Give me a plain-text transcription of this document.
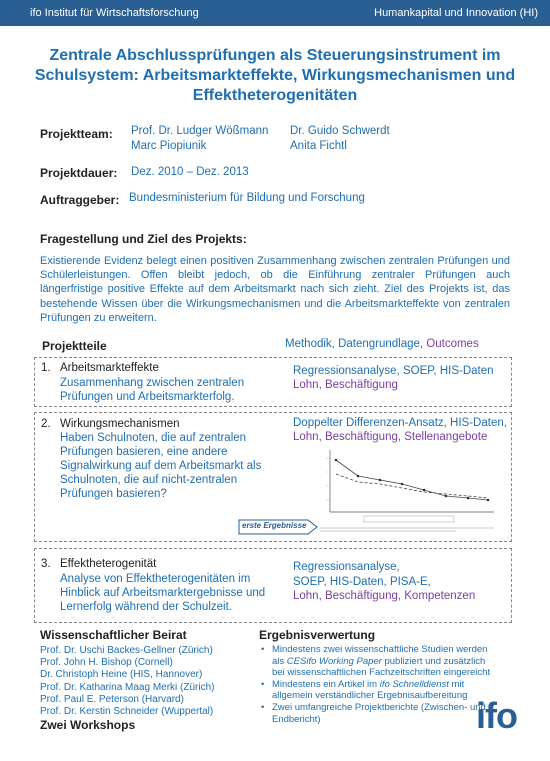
ifo Institut für Wirtschaftsforschung	Humankapital und Innovation (HI)
Zentrale Abschlussprüfungen als Steuerungsinstrument im
Schulsystem: Arbeitsmarkteffekte, Wirkungsmechanismen und
Effektheterogenitäten
Projektteam: Prof. Dr. Ludger Wößmann Dr. Guido Schwerdt
Marc Piopiunik	Anita Fichtl
Projektdauer: Dez. 2010 – Dez. 2013
Auftraggeber: Bundesministerium für Bildung und Forschung
Fragestellung und Ziel des Projekts:
Existierende Evidenz belegt einen positiven Zusammenhang zwischen zentralen Prüfungen und Schülerleistungen. Offen bleibt jedoch, ob die Einführung zentraler Prüfungen auch längerfristige positive Effekte auf dem Arbeitsmarkt nach sich zieht. Ziel des Projekts ist, das bestehende Wissen über die Wirkungsmechanismen und die Arbeitsmarkteffekte von zentralen Prüfungen zu erweitern.
Projektteile	Methodik, Datengrundlage, Outcomes
1. Arbeitsmarkteffekte
Zusammenhang zwischen zentralen
Prüfungen und Arbeitsmarkterfolg.
Regressionsanalyse, SOEP, HIS-Daten
Lohn, Beschäftigung
2. Wirkungsmechanismen
Haben Schulnoten, die auf zentralen
Prüfungen basieren, eine andere
Signalwirkung auf dem Arbeitsmarkt als
Schulnoten, die auf nicht-zentralen
Prüfungen basieren?
Doppelter Differenzen-Ansatz, HIS-Daten,
Lohn, Beschäftigung, Stellenangebote
erste Ergebnisse
3. Effektheterogenität
Analyse von Effektheterogenitäten im
Hinblick auf Arbeitsmarktergebnisse und
Lernerfolg während der Schulzeit.
Regressionsanalyse,
SOEP, HIS-Daten, PISA-E,
Lohn, Beschäftigung, Kompetenzen
Wissenschaftlicher Beirat
Prof. Dr. Uschi Backes-Gellner (Zürich)
Prof. John H. Bishop (Cornell)
Dr. Christoph Heine (HIS, Hannover)
Prof. Dr. Katharina Maag Merki (Zürich)
Prof. Paul E. Peterson (Harvard)
Prof. Dr. Kerstin Schneider (Wuppertal)
Zwei Workshops
Ergebnisverwertung
• Mindestens zwei wissenschaftliche Studien werden als CESifo Working Paper publiziert und zusätzlich bei wissenschaftlichen Fachzeitschriften eingereicht
• Mindestens ein Artikel im ifo Schnelldienst mit allgemein verständlicher Ergebnisaufbereitung
• Zwei umfangreiche Projektberichte (Zwischen- und Endbericht)	ifo
